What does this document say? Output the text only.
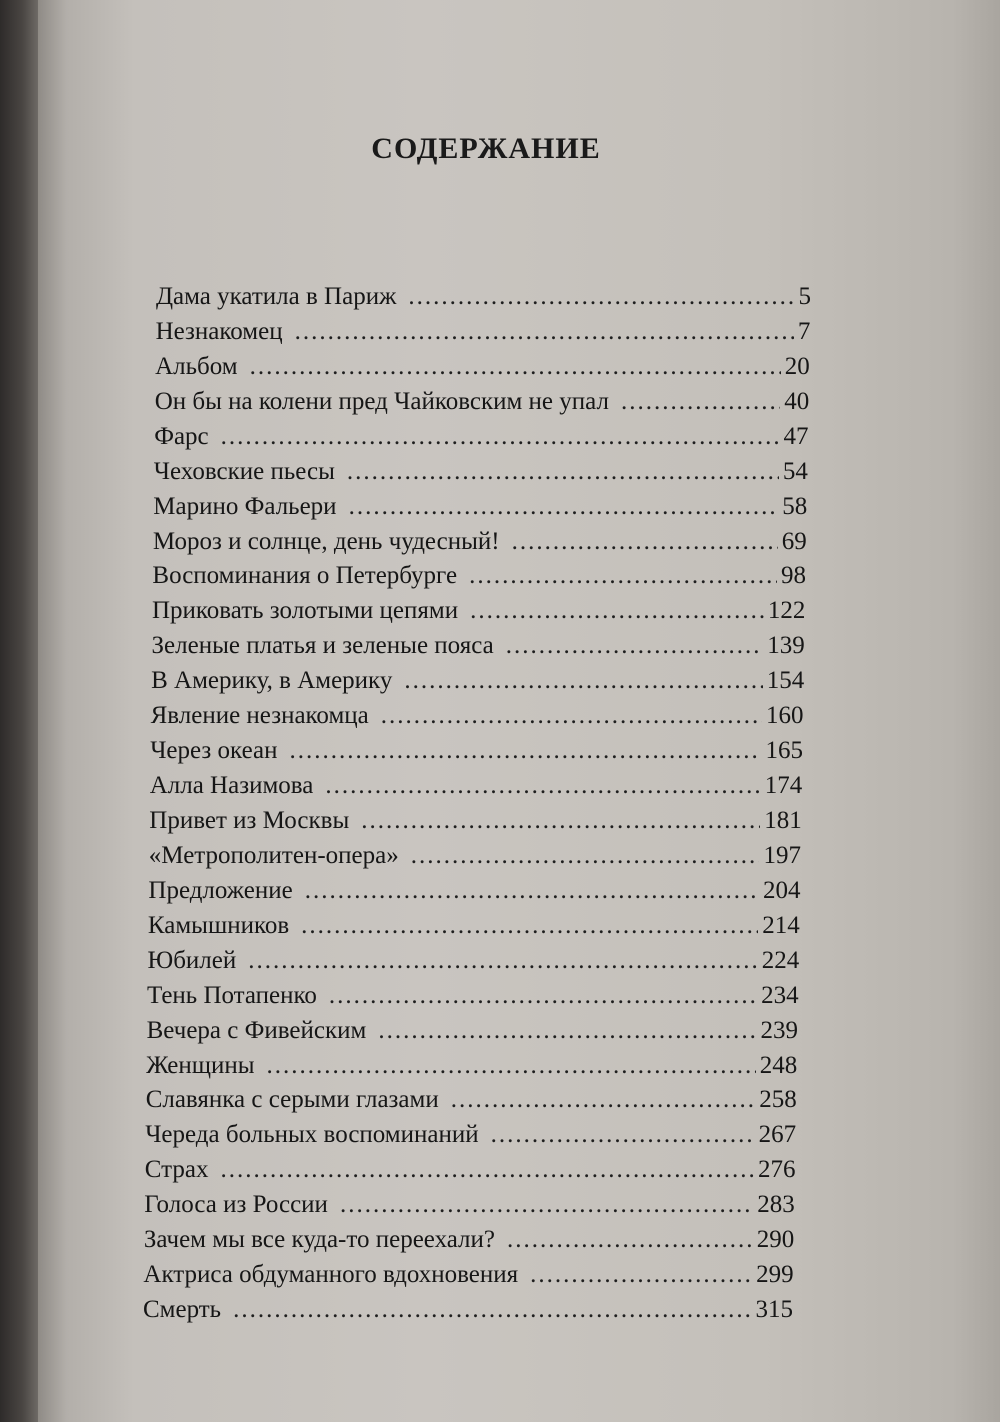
СОДЕРЖАНИЕ
Дама укатила в Париж .....	5
Незнакомец .....	7
Альбом .....	20
Он бы на колени пред Чайковским не упал .....	40
Фарс .....	47
Чеховские пьесы .....	54
Марино Фальери .....	58
Мороз и солнце, день чудесный! .....	69
Воспоминания о Петербурге .....	98
Приковать золотыми цепями .....	122
Зеленые платья и зеленые пояса .....	139
В Америку, в Америку .....	154
Явление незнакомца .....	160
Через океан .....	165
Алла Назимова .....	174
Привет из Москвы .....	181
«Метрополитен-опера» .....	197
Предложение .....	204
Камышников .....	214
Юбилей .....	224
Тень Потапенко .....	234
Вечера с Фивейским .....	239
Женщины .....	248
Славянка с серыми глазами .....	258
Череда больных воспоминаний .....	267
Страх .....	276
Голоса из России .....	283
Зачем мы все куда-то переехали? .....	290
Актриса обдуманного вдохновения .....	299
Смерть .....	315
